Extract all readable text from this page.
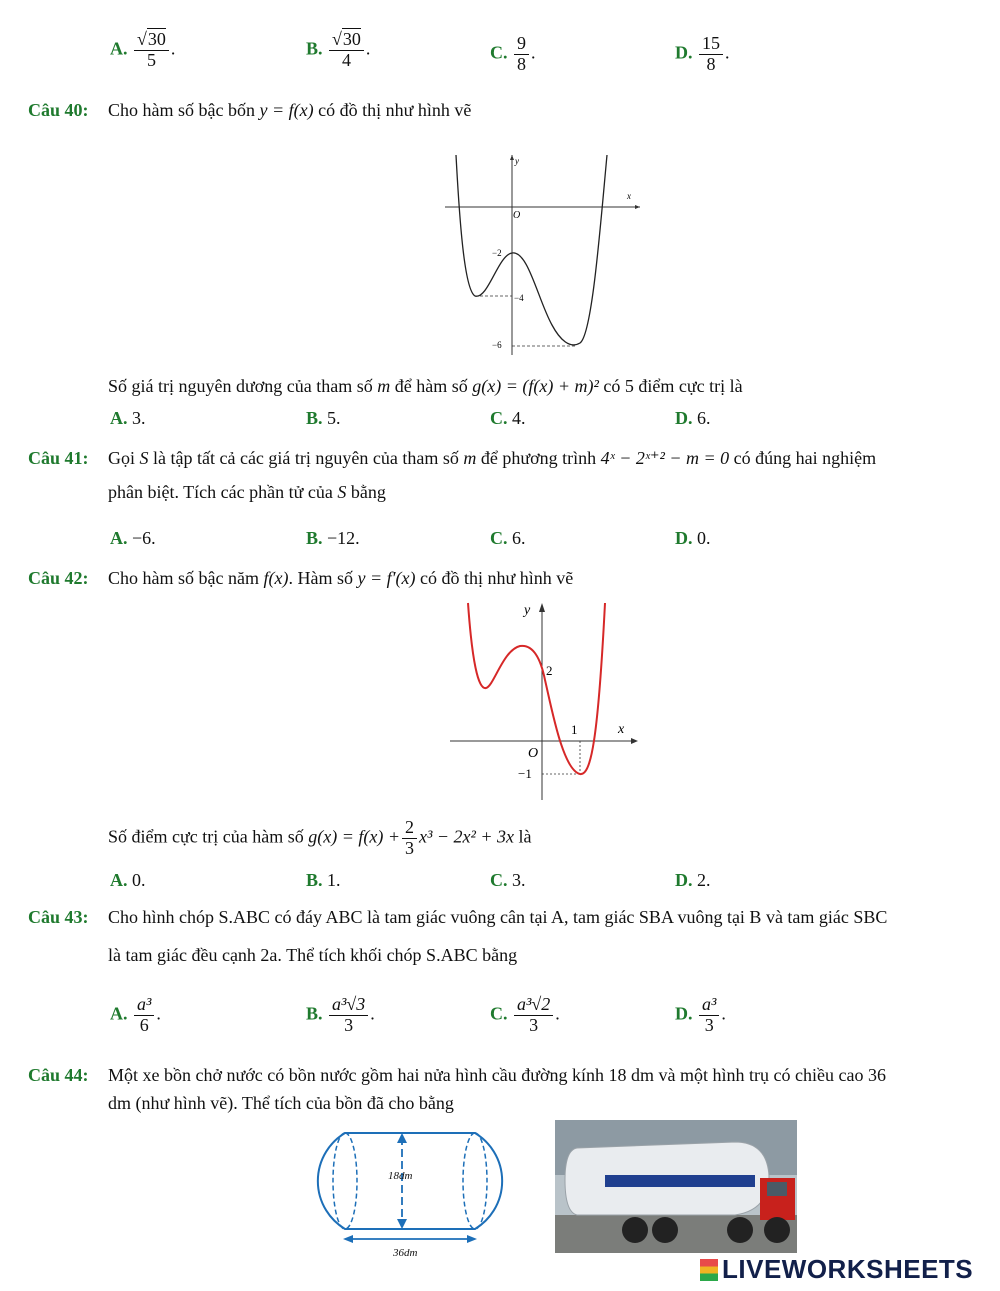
A. $\frac{√30}{5}$ .	B. $\frac{√30}{4}$ .	C. $\frac{9}{8}$ .	D. $\frac{15}{8}$ .
Câu 40: Cho hàm số bậc bốn y = f(x) có đồ thị như hình vẽ
y
x
O
−2
−4
−6
Số giá trị nguyên dương của tham số m để hàm số g(x) = (f(x) + m)² có 5 điểm cực trị là
A. 3.	B. 5.	C. 4.	D. 6.
Câu 41: Gọi S là tập tất cả các giá trị nguyên của tham số m để phương trình 4ˣ − 2ˣ⁺² − m = 0 có đúng hai nghiệm
phân biệt. Tích các phần tử của S bằng
A. −6.	B. −12.	C. 6.	D. 0.
Câu 42: Cho hàm số bậc năm f(x). Hàm số y = f′(x) có đồ thị như hình vẽ
y
x
O
2
1
−1
Số điểm cực trị của hàm số $g(x) = f(x) + \frac{2}{3} x^3 - 2x^2 + 3x$ là
A. 0.	B. 1.	C. 3.	D. 2.
Câu 43: Cho hình chóp S.ABC có đáy ABC là tam giác vuông cân tại A, tam giác SBA vuông tại B và tam giác SBC
là tam giác đều cạnh 2a. Thể tích khối chóp S.ABC bằng
A. $\frac{\text{a³}}{6}$ .	B. $\frac{\text{a³√3}}{3}$ .	C. $\frac{\text{a³√2}}{3}$ .	D. $\frac{\text{a³}}{3}$ .
Câu 44: Một xe bồn chở nước có bồn nước gồm hai nửa hình cầu đường kính 18 dm và một hình trụ có chiều cao 36
dm (như hình vẽ). Thể tích của bồn đã cho bằng
18dm
36dm
LIVEWORKSHEETS
